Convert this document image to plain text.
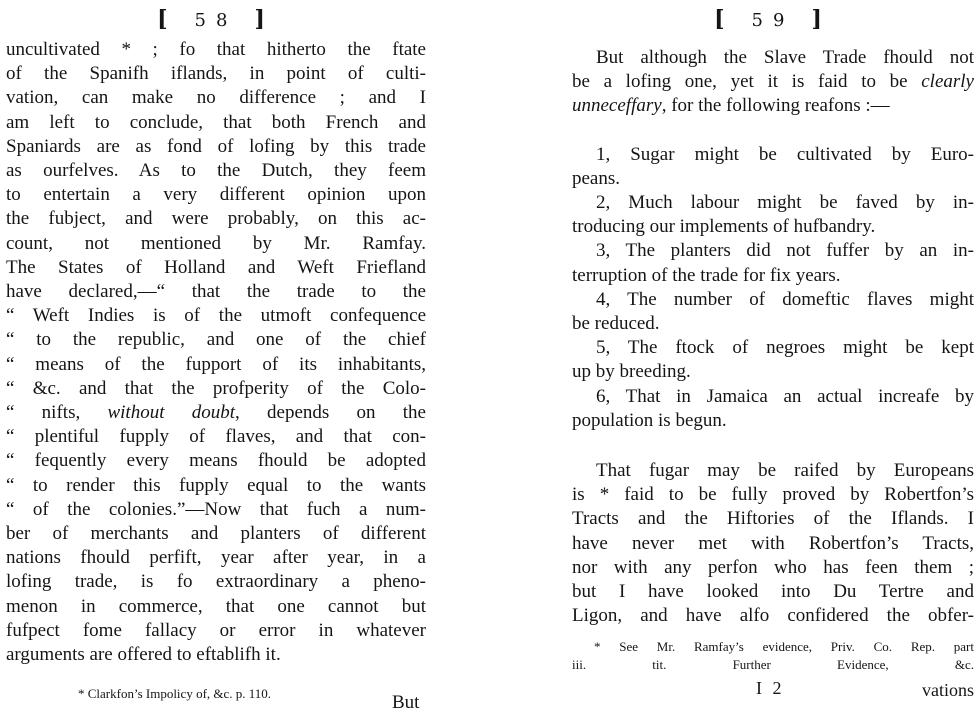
[ 58 ]
uncultivated * ; fo that hitherto the ftate
of the Spanifh iflands, in point of culti-
vation, can make no difference ; and I
am left to conclude, that both French and
Spaniards are as fond of lofing by this trade
as ourfelves. As to the Dutch, they feem
to entertain a very different opinion upon
the fubject, and were probably, on this ac-
count, not mentioned by Mr. Ramfay.
The States of Holland and Weft Friefland
have declared,—“ that the trade to the
“ Weft Indies is of the utmoft confequence
“ to the republic, and one of the chief
“ means of the fupport of its inhabitants,
“ &c. and that the profperity of the Colo-
“ nifts, without doubt, depends on the
“ plentiful fupply of flaves, and that con-
“ fequently every means fhould be adopted
“ to render this fupply equal to the wants
“ of the colonies.”—Now that fuch a num-
ber of merchants and planters of different
nations fhould perfift, year after year, in a
lofing trade, is fo extraordinary a pheno-
menon in commerce, that one cannot but
fufpect fome fallacy or error in whatever
arguments are offered to eftablifh it.
* Clarkfon’s Impolicy of, &c. p. 110.	But
[ 59 ]
But although the Slave Trade fhould not
be a lofing one, yet it is faid to be clearly
unneceffary, for the following reafons :—
1, Sugar might be cultivated by Euro-
peans.
2, Much labour might be faved by in-
troducing our implements of hufbandry.
3, The planters did not fuffer by an in-
terruption of the trade for fix years.
4, The number of domeftic flaves might
be reduced.
5, The ftock of negroes might be kept
up by breeding.
6, That in Jamaica an actual increafe by
population is begun.
That fugar may be raifed by Europeans
is * faid to be fully proved by Robertfon’s
Tracts and the Hiftories of the Iflands. I
have never met with Robertfon’s Tracts,
nor with any perfon who has feen them ;
but I have looked into Du Tertre and
Ligon, and have alfo confidered the obfer-
* See Mr. Ramfay’s evidence, Priv. Co. Rep. part
iii. tit. Further Evidence, &c.
I 2	vations
